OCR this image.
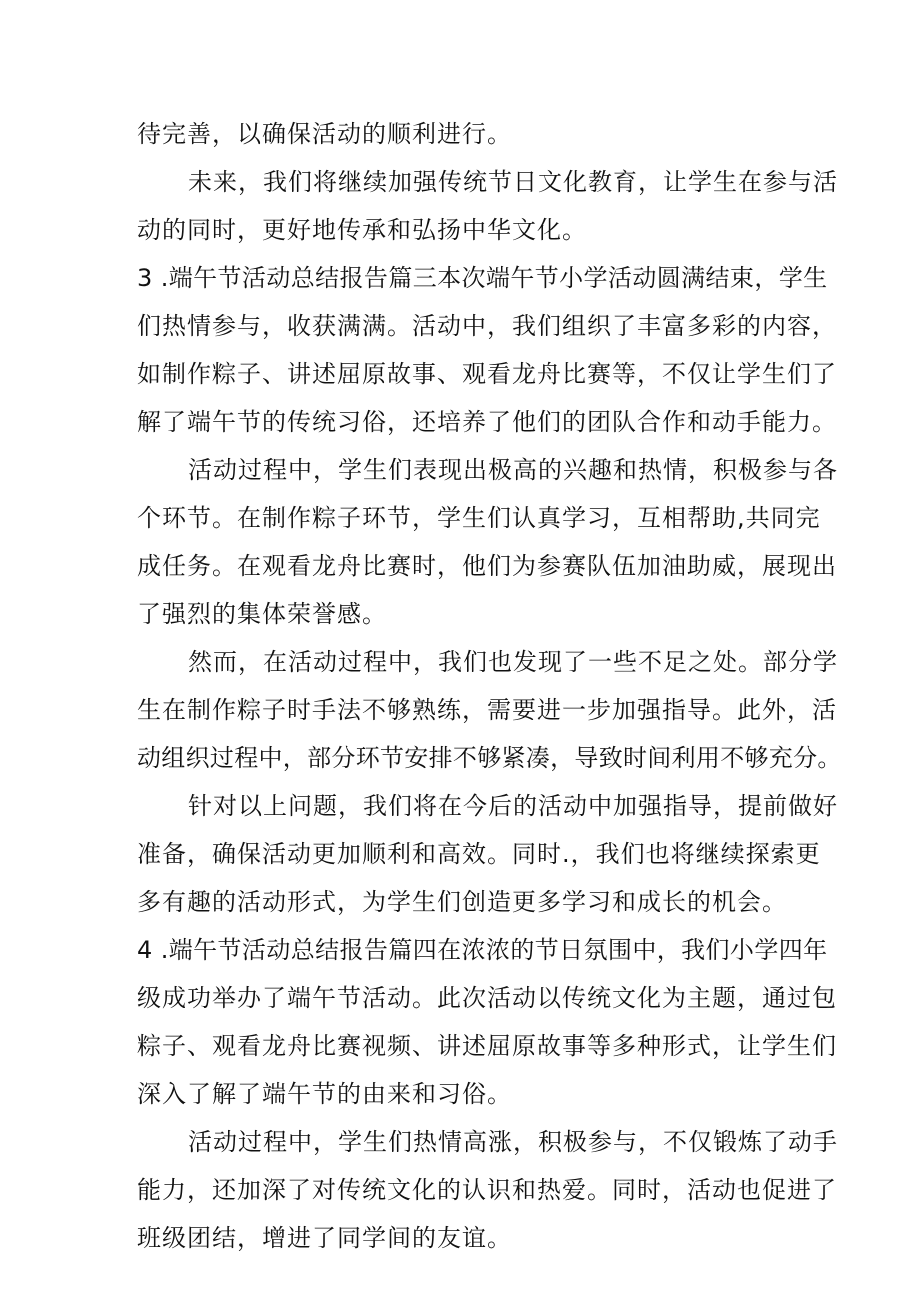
待完善，以确保活动的顺利进行。
未来，我们将继续加强传统节日文化教育，让学生在参与活
动的同时，更好地传承和弘扬中华文化。
3 .端午节活动总结报告篇三本次端午节小学活动圆满结束，学生
们热情参与，收获满满。活动中，我们组织了丰富多彩的内容，
如制作粽子、讲述屈原故事、观看龙舟比赛等，不仅让学生们了
解了端午节的传统习俗，还培养了他们的团队合作和动手能力。
活动过程中，学生们表现出极高的兴趣和热情，积极参与各
个环节。在制作粽子环节，学生们认真学习，互相帮助,共同完
成任务。在观看龙舟比赛时，他们为参赛队伍加油助威，展现出
了强烈的集体荣誉感。
然而，在活动过程中，我们也发现了一些不足之处。部分学
生在制作粽子时手法不够熟练，需要进一步加强指导。此外，活
动组织过程中，部分环节安排不够紧凑，导致时间利用不够充分。
针对以上问题，我们将在今后的活动中加强指导，提前做好
准备，确保活动更加顺利和高效。同时.，我们也将继续探索更
多有趣的活动形式，为学生们创造更多学习和成长的机会。
4 .端午节活动总结报告篇四在浓浓的节日氛围中，我们小学四年
级成功举办了端午节活动。此次活动以传统文化为主题，通过包
粽子、观看龙舟比赛视频、讲述屈原故事等多种形式，让学生们
深入了解了端午节的由来和习俗。
活动过程中，学生们热情高涨，积极参与，不仅锻炼了动手
能力，还加深了对传统文化的认识和热爱。同时，活动也促进了
班级团结，增进了同学间的友谊。
